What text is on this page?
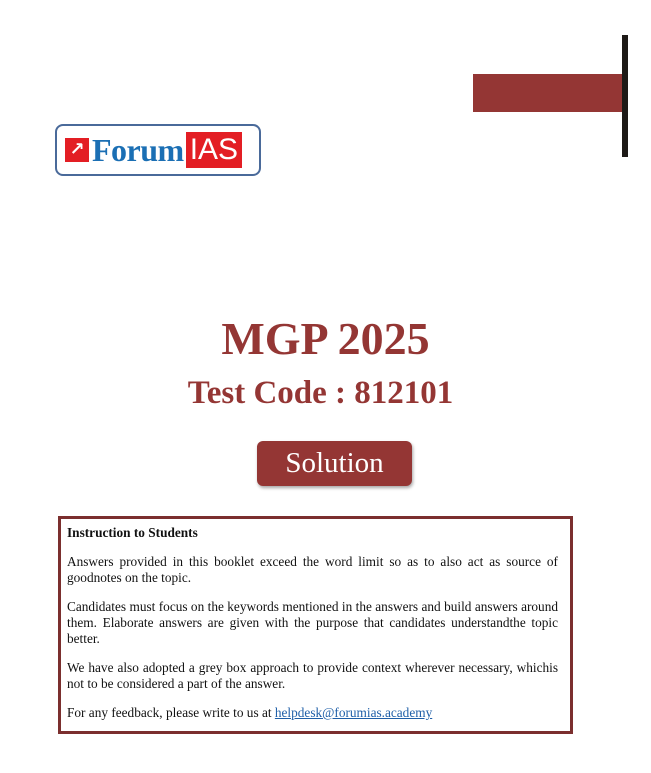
↗ Forum IAS
MGP 2025
Test Code : 812101
Solution
Instruction to Students

Answers provided in this booklet exceed the word limit so as to also act as source of goodnotes on the topic.

Candidates must focus on the keywords mentioned in the answers and build answers around them. Elaborate answers are given with the purpose that candidates understandthe topic better.

We have also adopted a grey box approach to provide context wherever necessary, whichis not to be considered a part of the answer.

For any feedback, please write to us at helpdesk@forumias.academy
